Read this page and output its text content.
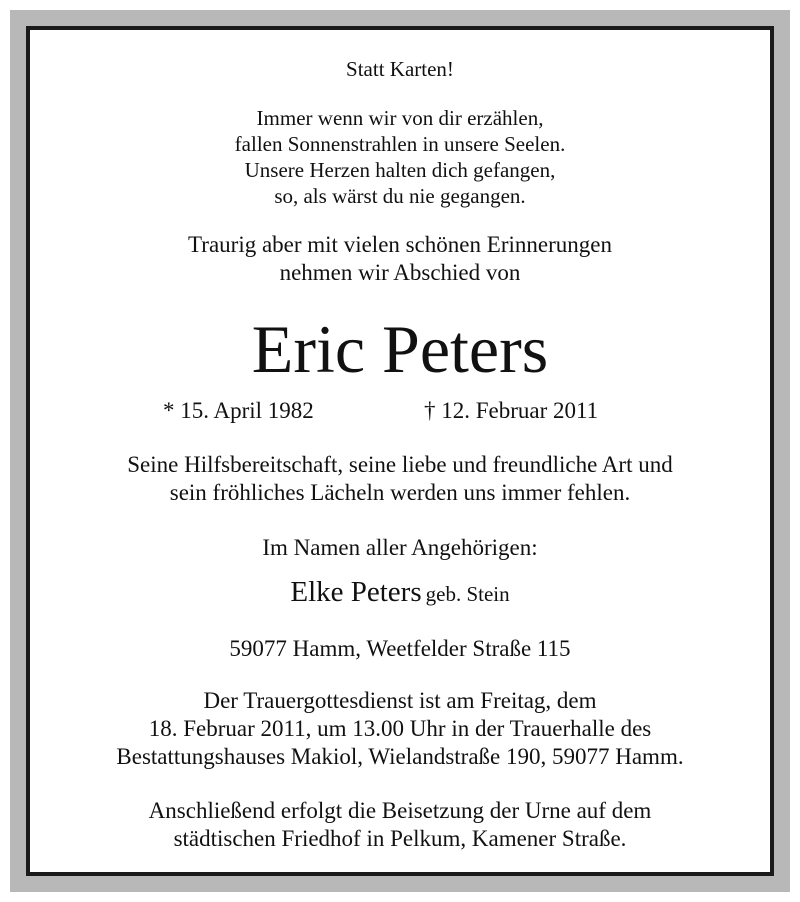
Statt Karten!
Immer wenn wir von dir erzählen,
fallen Sonnenstrahlen in unsere Seelen.
Unsere Herzen halten dich gefangen,
so, als wärst du nie gegangen.
Traurig aber mit vielen schönen Erinnerungen
nehmen wir Abschied von
Eric Peters
* 15. April 1982	† 12. Februar 2011
Seine Hilfsbereitschaft, seine liebe und freundliche Art und
sein fröhliches Lächeln werden uns immer fehlen.
Im Namen aller Angehörigen:
Elke Peters geb. Stein
59077 Hamm, Weetfelder Straße 115
Der Trauergottesdienst ist am Freitag, dem
18. Februar 2011, um 13.00 Uhr in der Trauerhalle des
Bestattungshauses Makiol, Wielandstraße 190, 59077 Hamm.
Anschließend erfolgt die Beisetzung der Urne auf dem
städtischen Friedhof in Pelkum, Kamener Straße.
